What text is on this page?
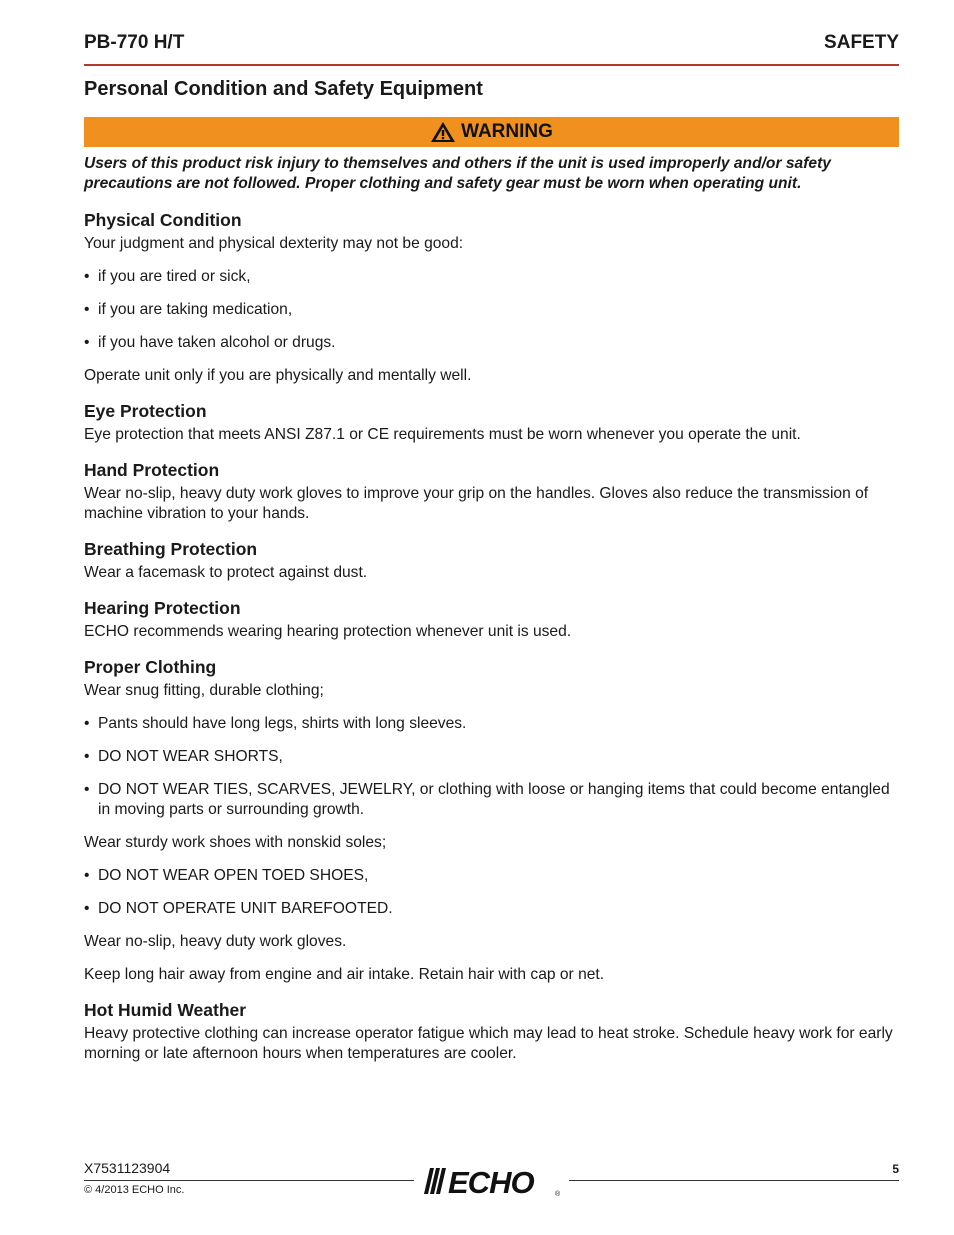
PB-770 H/T	SAFETY
Personal Condition and Safety Equipment
WARNING
Users of this product risk injury to themselves and others if the unit is used improperly and/or safety precautions are not followed. Proper clothing and safety gear must be worn when operating unit.
Physical Condition

Your judgment and physical dexterity may not be good:

• if you are tired or sick,
• if you are taking medication,
• if you have taken alcohol or drugs.

Operate unit only if you are physically and mentally well.

Eye Protection

Eye protection that meets ANSI Z87.1 or CE requirements must be worn whenever you operate the unit.

Hand Protection

Wear no-slip, heavy duty work gloves to improve your grip on the handles. Gloves also reduce the transmission of machine vibration to your hands.

Breathing Protection

Wear a facemask to protect against dust.

Hearing Protection

ECHO recommends wearing hearing protection whenever unit is used.

Proper Clothing

Wear snug fitting, durable clothing;

• Pants should have long legs, shirts with long sleeves.
• DO NOT WEAR SHORTS,
• DO NOT WEAR TIES, SCARVES, JEWELRY, or clothing with loose or hanging items that could become entangled in moving parts or surrounding growth.

Wear sturdy work shoes with nonskid soles;

• DO NOT WEAR OPEN TOED SHOES,
• DO NOT OPERATE UNIT BAREFOOTED.

Wear no-slip, heavy duty work gloves.

Keep long hair away from engine and air intake. Retain hair with cap or net.

Hot Humid Weather

Heavy protective clothing can increase operator fatigue which may lead to heat stroke. Schedule heavy work for early morning or late afternoon hours when temperatures are cooler.

X7531123904
© 4/2013 ECHO Inc.	ECHO	®
5
